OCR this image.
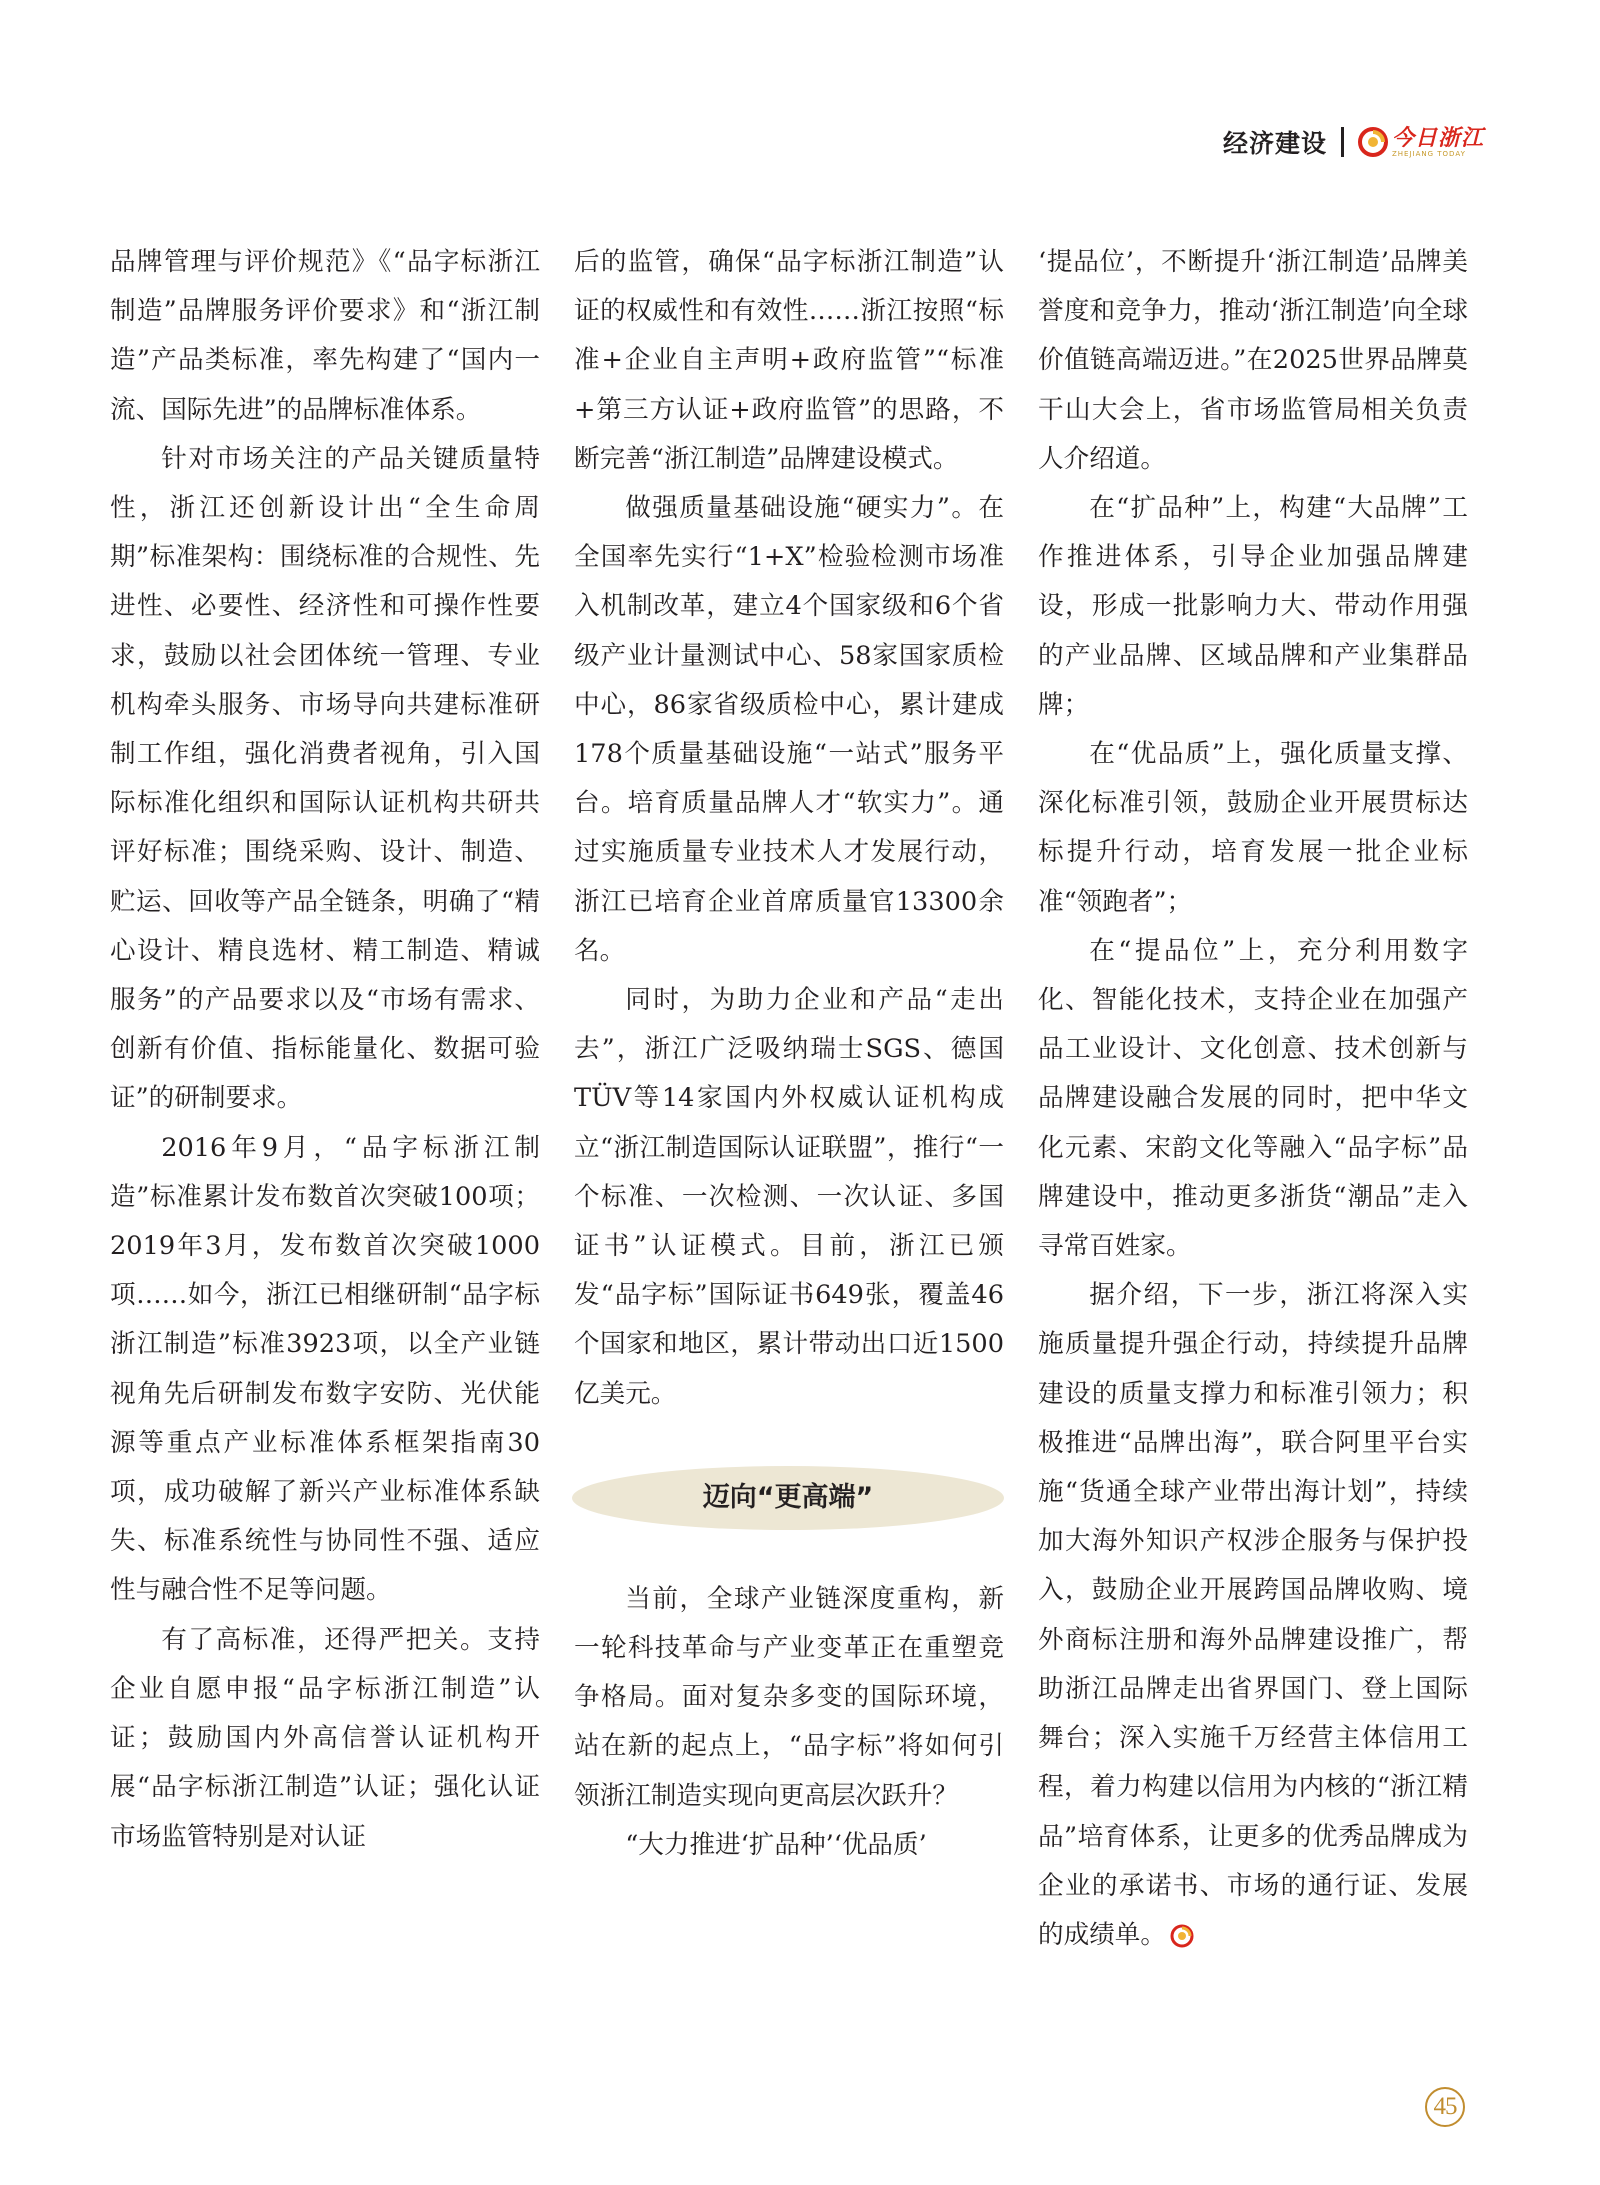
经济建设	今日浙江
ZHEJIANG TODAY

品牌管理与评价规范》《“品字标浙江制造”品牌服务评价要求》和“浙江制造”产品类标准，率先构建了“国内一流、国际先进”的品牌标准体系。

针对市场关注的产品关键质量特性，浙江还创新设计出“全生命周期”标准架构：围绕标准的合规性、先进性、必要性、经济性和可操作性要求，鼓励以社会团体统一管理、专业机构牵头服务、市场导向共建标准研制工作组，强化消费者视角，引入国际标准化组织和国际认证机构共研共评好标准；围绕采购、设计、制造、贮运、回收等产品全链条，明确了“精心设计、精良选材、精工制造、精诚服务”的产品要求以及“市场有需求、创新有价值、指标能量化、数据可验证”的研制要求。

2016年9月，“品字标浙江制造”标准累计发布数首次突破100项；2019年3月，发布数首次突破1000项……如今，浙江已相继研制“品字标浙江制造”标准3923项，以全产业链视角先后研制发布数字安防、光伏能源等重点产业标准体系框架指南30项，成功破解了新兴产业标准体系缺失、标准系统性与协同性不强、适应性与融合性不足等问题。

有了高标准，还得严把关。支持企业自愿申报“品字标浙江制造”认证；鼓励国内外高信誉认证机构开展“品字标浙江制造”认证；强化认证市场监管特别是对认证

后的监管，确保“品字标浙江制造”认证的权威性和有效性……浙江按照“标准+企业自主声明+政府监管”“标准+第三方认证+政府监管”的思路，不断完善“浙江制造”品牌建设模式。

做强质量基础设施“硬实力”。在全国率先实行“1+X”检验检测市场准入机制改革，建立4个国家级和6个省级产业计量测试中心、58家国家质检中心，86家省级质检中心，累计建成178个质量基础设施“一站式”服务平台。培育质量品牌人才“软实力”。通过实施质量专业技术人才发展行动，浙江已培育企业首席质量官13300余名。

同时，为助力企业和产品“走出去”，浙江广泛吸纳瑞士SGS、德国TÜV等14家国内外权威认证机构成立“浙江制造国际认证联盟”，推行“一个标准、一次检测、一次认证、多国证书”认证模式。目前，浙江已颁发“品字标”国际证书649张，覆盖46个国家和地区，累计带动出口近1500亿美元。

迈向“更高端”

当前，全球产业链深度重构，新一轮科技革命与产业变革正在重塑竞争格局。面对复杂多变的国际环境，站在新的起点上，“品字标”将如何引领浙江制造实现向更高层次跃升？

“大力推进‘扩品种’‘优品质’

‘提品位’，不断提升‘浙江制造’品牌美誉度和竞争力，推动‘浙江制造’向全球价值链高端迈进。”在2025世界品牌莫干山大会上，省市场监管局相关负责人介绍道。

在“扩品种”上，构建“大品牌”工作推进体系，引导企业加强品牌建设，形成一批影响力大、带动作用强的产业品牌、区域品牌和产业集群品牌；

在“优品质”上，强化质量支撑、深化标准引领，鼓励企业开展贯标达标提升行动，培育发展一批企业标准“领跑者”；

在“提品位”上，充分利用数字化、智能化技术，支持企业在加强产品工业设计、文化创意、技术创新与品牌建设融合发展的同时，把中华文化元素、宋韵文化等融入“品字标”品牌建设中，推动更多浙货“潮品”走入寻常百姓家。

据介绍，下一步，浙江将深入实施质量提升强企行动，持续提升品牌建设的质量支撑力和标准引领力；积极推进“品牌出海”，联合阿里平台实施“货通全球产业带出海计划”，持续加大海外知识产权涉企服务与保护投入，鼓励企业开展跨国品牌收购、境外商标注册和海外品牌建设推广，帮助浙江品牌走出省界国门、登上国际舞台；深入实施千万经营主体信用工程，着力构建以信用为内核的“浙江精品”培育体系，让更多的优秀品牌成为企业的承诺书、市场的通行证、发展的成绩单。

45
